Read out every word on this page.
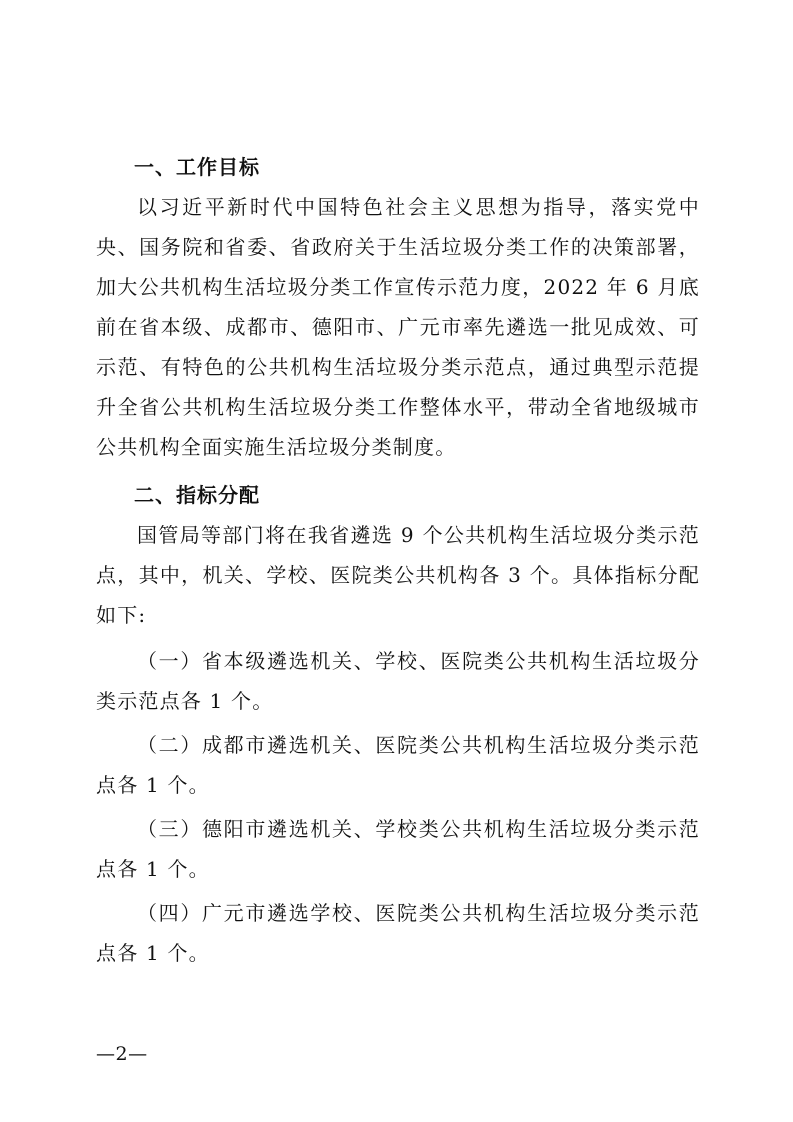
一、工作目标
以习近平新时代中国特色社会主义思想为指导，落实党中央、国务院和省委、省政府关于生活垃圾分类工作的决策部署，加大公共机构生活垃圾分类工作宣传示范力度，2022 年 6 月底前在省本级、成都市、德阳市、广元市率先遴选一批见成效、可示范、有特色的公共机构生活垃圾分类示范点，通过典型示范提升全省公共机构生活垃圾分类工作整体水平，带动全省地级城市公共机构全面实施生活垃圾分类制度。
二、指标分配
国管局等部门将在我省遴选 9 个公共机构生活垃圾分类示范点，其中，机关、学校、医院类公共机构各 3 个。具体指标分配如下:
（一）省本级遴选机关、学校、医院类公共机构生活垃圾分类示范点各 1 个。
（二）成都市遴选机关、医院类公共机构生活垃圾分类示范点各 1 个。
（三）德阳市遴选机关、学校类公共机构生活垃圾分类示范点各 1 个。
（四）广元市遴选学校、医院类公共机构生活垃圾分类示范点各 1 个。
—2—
